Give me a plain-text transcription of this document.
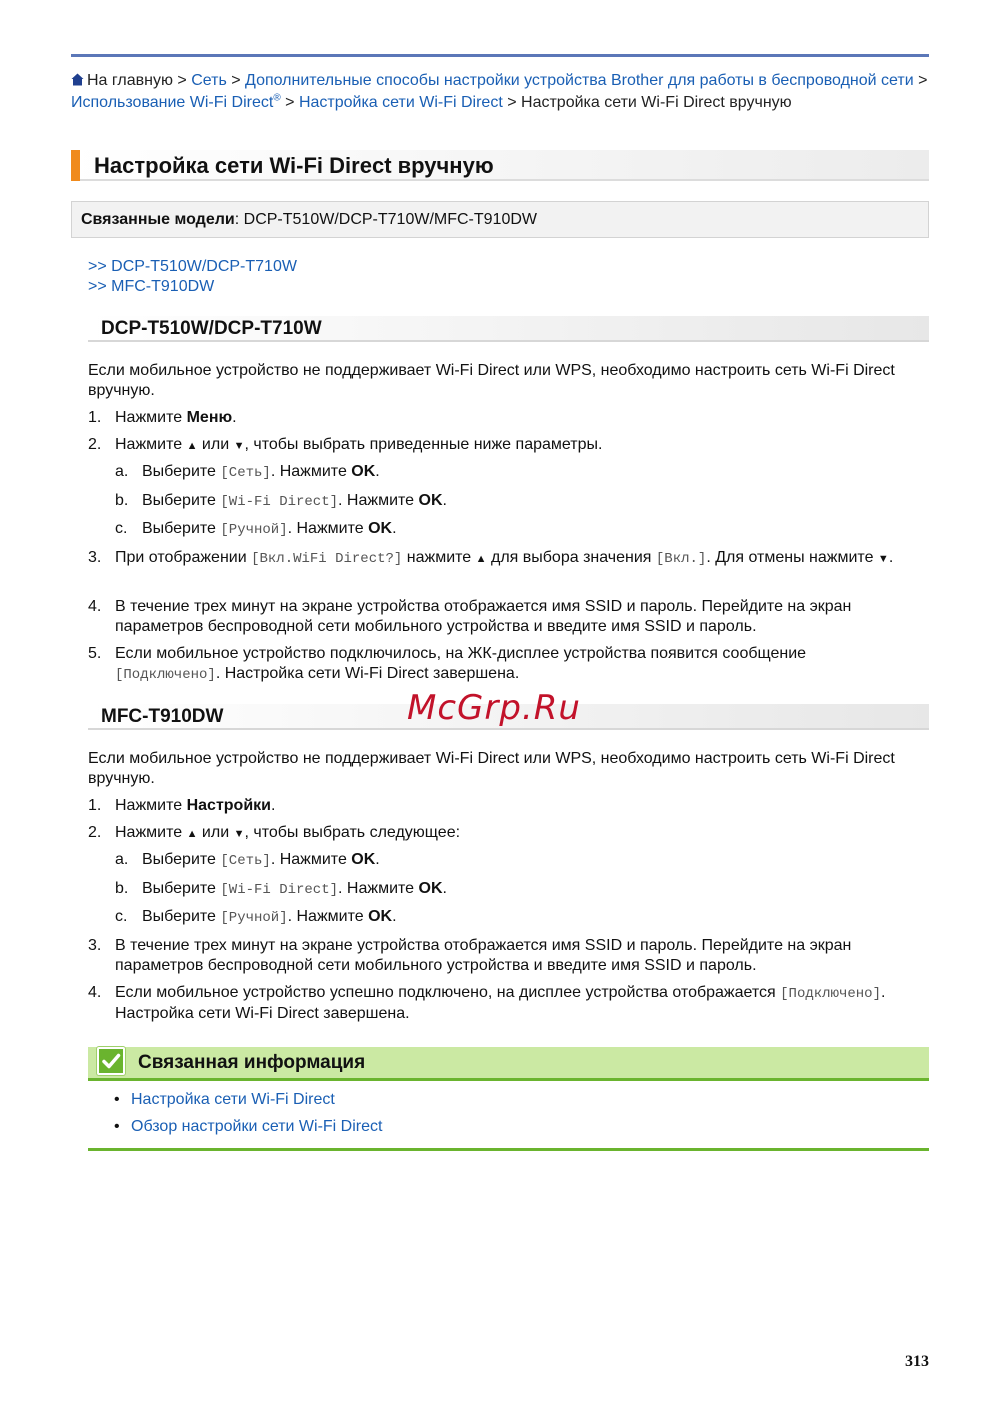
На главную > Сеть > Дополнительные способы настройки устройства Brother для работы в беспроводной сети > Использование Wi-Fi Direct® > Настройка сети Wi-Fi Direct > Настройка сети Wi-Fi Direct вручную
Настройка сети Wi-Fi Direct вручную
Связанные модели: DCP-T510W/DCP-T710W/MFC-T910DW
>> DCP-T510W/DCP-T710W
>> MFC-T910DW
DCP-T510W/DCP-T710W
Если мобильное устройство не поддерживает Wi-Fi Direct или WPS, необходимо настроить сеть Wi-Fi Direct вручную.
1. Нажмите Меню.
2. Нажмите ▲ или ▼, чтобы выбрать приведенные ниже параметры.
a. Выберите [Сеть]. Нажмите OK.
b. Выберите [Wi-Fi Direct]. Нажмите OK.
c. Выберите [Ручной]. Нажмите OK.
3. При отображении [Вкл.WiFi Direct?] нажмите ▲ для выбора значения [Вкл.]. Для отмены нажмите ▼.
4. В течение трех минут на экране устройства отображается имя SSID и пароль. Перейдите на экран параметров беспроводной сети мобильного устройства и введите имя SSID и пароль.
5. Если мобильное устройство подключилось, на ЖК-дисплее устройства появится сообщение [Подключено]. Настройка сети Wi-Fi Direct завершена.
MFC-T910DW	McGrp.Ru
Если мобильное устройство не поддерживает Wi-Fi Direct или WPS, необходимо настроить сеть Wi-Fi Direct вручную.
1. Нажмите Настройки.
2. Нажмите ▲ или ▼, чтобы выбрать следующее:
a. Выберите [Сеть]. Нажмите OK.
b. Выберите [Wi-Fi Direct]. Нажмите OK.
c. Выберите [Ручной]. Нажмите OK.
3. В течение трех минут на экране устройства отображается имя SSID и пароль. Перейдите на экран параметров беспроводной сети мобильного устройства и введите имя SSID и пароль.
4. Если мобильное устройство успешно подключено, на дисплее устройства отображается [Подключено]. Настройка сети Wi-Fi Direct завершена.
Связанная информация
• Настройка сети Wi-Fi Direct
• Обзор настройки сети Wi-Fi Direct
313
